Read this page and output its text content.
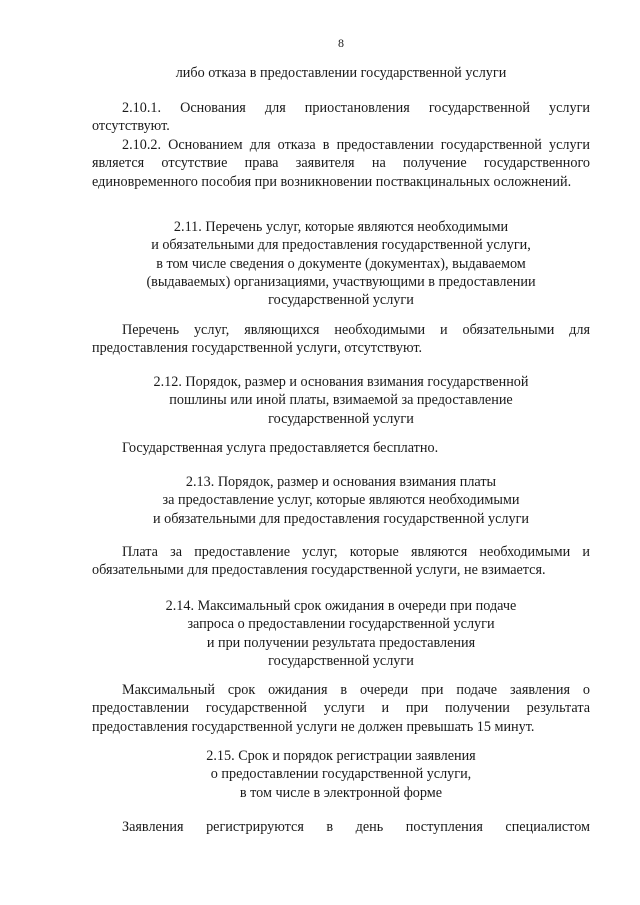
8
либо отказа в предоставлении государственной услуги
2.10.1. Основания для приостановления государственной услуги отсутствуют.
2.10.2. Основанием для отказа в предоставлении государственной услуги является отсутствие права заявителя на получение государственного единовременного пособия при возникновении поствакцинальных осложнений.
2.11. Перечень услуг, которые являются необходимыми
и обязательными для предоставления государственной услуги,
в том числе сведения о документе (документах), выдаваемом
(выдаваемых) организациями, участвующими в предоставлении
государственной услуги
Перечень услуг, являющихся необходимыми и обязательными для предоставления государственной услуги, отсутствуют.
2.12. Порядок, размер и основания взимания государственной
пошлины или иной платы, взимаемой за предоставление
государственной услуги
Государственная услуга предоставляется бесплатно.
2.13. Порядок, размер и основания взимания платы
за предоставление услуг, которые являются необходимыми
и обязательными для предоставления государственной услуги
Плата за предоставление услуг, которые являются необходимыми и обязательными для предоставления государственной услуги, не взимается.
2.14. Максимальный срок ожидания в очереди при подаче
запроса о предоставлении государственной услуги
и при получении результата предоставления
государственной услуги
Максимальный срок ожидания в очереди при подаче заявления о предоставлении государственной услуги и при получении результата предоставления государственной услуги не должен превышать 15 минут.
2.15. Срок и порядок регистрации заявления
о предоставлении государственной услуги,
в том числе в электронной форме
Заявления регистрируются в день поступления специалистом
